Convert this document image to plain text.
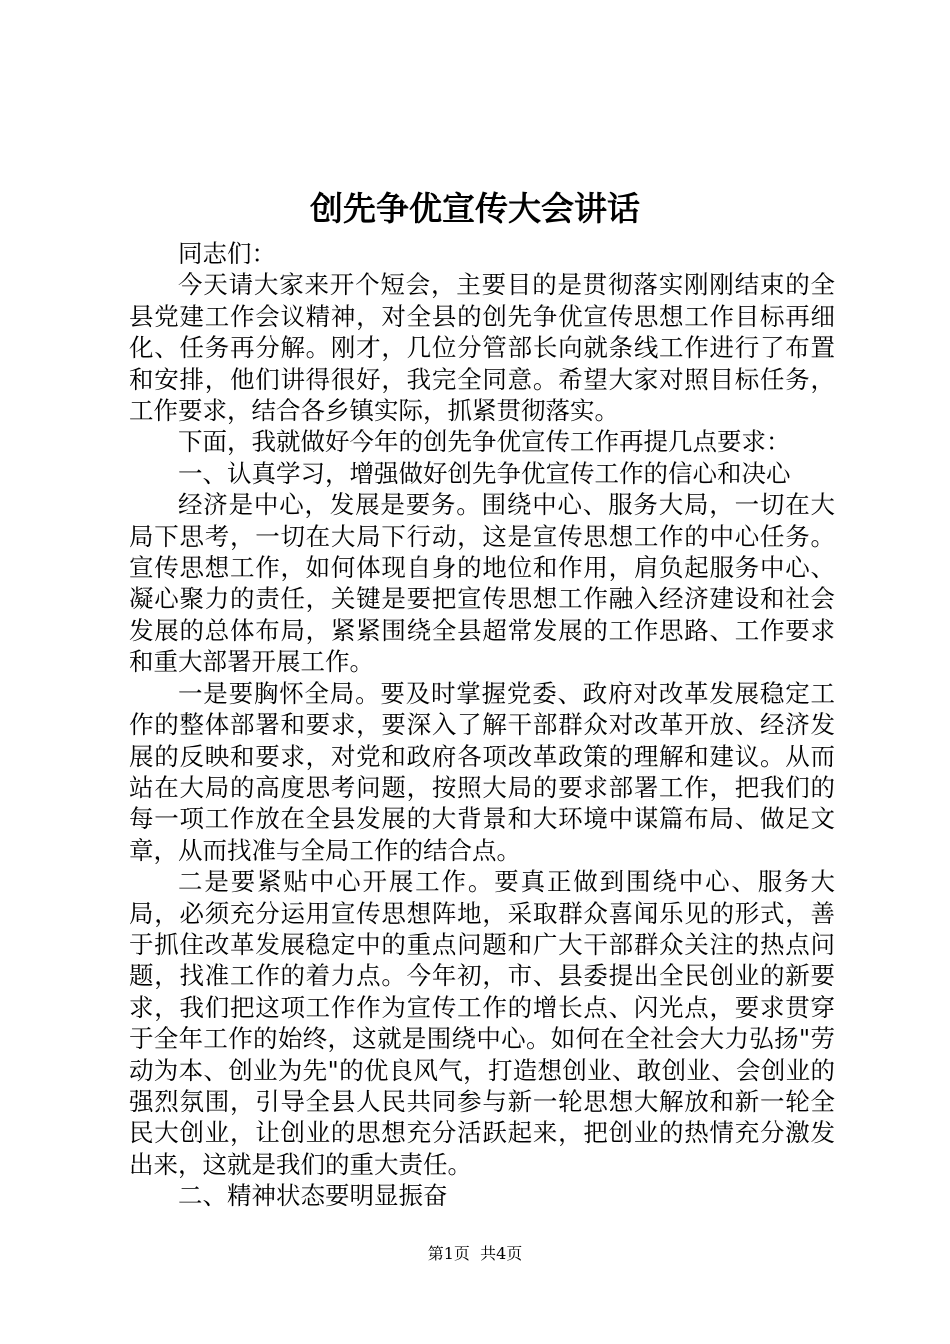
创先争优宣传大会讲话

同志们：

今天请大家来开个短会，主要目的是贯彻落实刚刚结束的全县党建工作会议精神，对全县的创先争优宣传思想工作目标再细化、任务再分解。刚才，几位分管部长向就条线工作进行了布置和安排，他们讲得很好，我完全同意。希望大家对照目标任务，工作要求，结合各乡镇实际，抓紧贯彻落实。

下面，我就做好今年的创先争优宣传工作再提几点要求：

一、认真学习，增强做好创先争优宣传工作的信心和决心

经济是中心，发展是要务。围绕中心、服务大局，一切在大局下思考，一切在大局下行动，这是宣传思想工作的中心任务。宣传思想工作，如何体现自身的地位和作用，肩负起服务中心、凝心聚力的责任，关键是要把宣传思想工作融入经济建设和社会发展的总体布局，紧紧围绕全县超常发展的工作思路、工作要求和重大部署开展工作。

一是要胸怀全局。要及时掌握党委、政府对改革发展稳定工作的整体部署和要求，要深入了解干部群众对改革开放、经济发展的反映和要求，对党和政府各项改革政策的理解和建议。从而站在大局的高度思考问题，按照大局的要求部署工作，把我们的每一项工作放在全县发展的大背景和大环境中谋篇布局、做足文章，从而找准与全局工作的结合点。

二是要紧贴中心开展工作。要真正做到围绕中心、服务大局，必须充分运用宣传思想阵地，采取群众喜闻乐见的形式，善于抓住改革发展稳定中的重点问题和广大干部群众关注的热点问题，找准工作的着力点。今年初，市、县委提出全民创业的新要求，我们把这项工作作为宣传工作的增长点、闪光点，要求贯穿于全年工作的始终，这就是围绕中心。如何在全社会大力弘扬"劳动为本、创业为先"的优良风气，打造想创业、敢创业、会创业的强烈氛围，引导全县人民共同参与新一轮思想大解放和新一轮全民大创业，让创业的思想充分活跃起来，把创业的热情充分激发出来，这就是我们的重大责任。

二、精神状态要明显振奋

第1页  共4页
